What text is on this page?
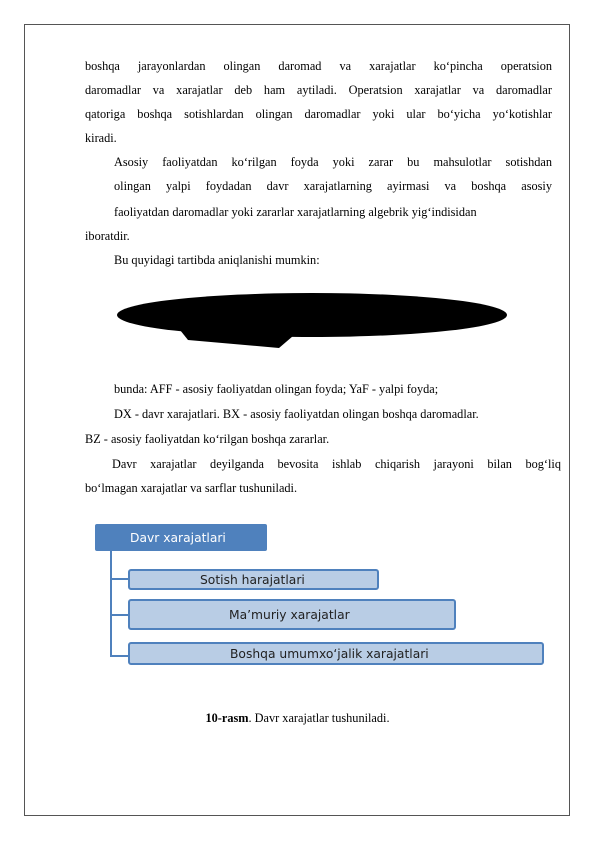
boshqa jarayonlardan olingan daromad va xarajatlar ko‘pincha operatsion
daromadlar va xarajatlar deb ham aytiladi. Operatsion xarajatlar va daromadlar
qatoriga boshqa sotishlardan olingan daromadlar yoki ular bo‘yicha yo‘kotishlar
kiradi.
Asosiy faoliyatdan ko‘rilgan foyda yoki zarar bu mahsulotlar sotishdan
olingan yalpi foydadan davr xarajatlarning ayirmasi va boshqa asosiy
faoliyatdan daromadlar yoki zararlar xarajatlarning algebrik yig‘indisidan
iboratdir.
Bu quyidagi tartibda aniqlanishi mumkin:
bunda: AFF - asosiy faoliyatdan olingan foyda; YaF - yalpi foyda;
DX - davr xarajatlari. BX - asosiy faoliyatdan olingan boshqa daromadlar.
BZ - asosiy faoliyatdan ko‘rilgan boshqa zararlar.
Davr xarajatlar deyilganda bevosita ishlab chiqarish jarayoni bilan bog‘liq
bo‘lmagan xarajatlar va sarflar tushuniladi.
Davr xarajatlari
Sotish harajatlari
Ma’muriy xarajatlar
Boshqa umumxo‘jalik xarajatlari
10-rasm. Davr xarajatlar tushuniladi.
